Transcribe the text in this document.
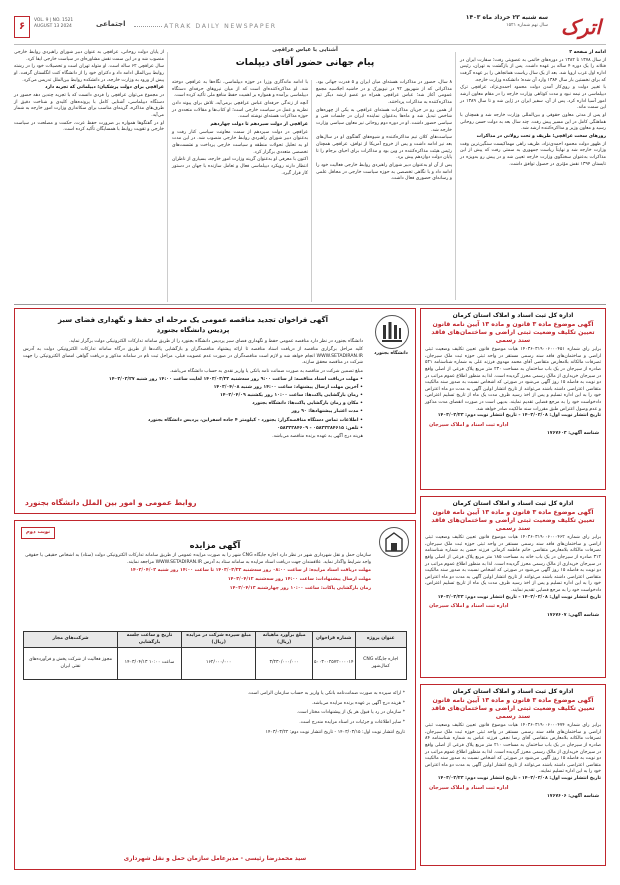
اترک
سه شنبه ۲۳ خرداد ماه ۱۴۰۳
سال نهم شماره ۱۵۲۱
ATRAK DAILY NEWSPAPER
۶
VOL. 9 | NO. 1521
AUGUST 13 2024	اجتماعی
آشنایی با عباس عراقچی
پیام جهانی حضور آقای دیپلمات

ادامه از صفحه ۲

از سال ۱۳۷۸ تا ۱۳۸۲ در دوره‌های خاتمی به عضویتی رفت؛ سفارت ایران در فنلاند را یک دوره ۴ ساله بر عهده داشت. پس از بازگشت به تهران، رئیس اداره اول غرب اروپا شد. بعد از یک سال ریاست همانجاهی را بر عهده گرفت که برای نخستین بار سال ۱۳۸۴ وارد آن شده؛ دانشکده وزارت خارجه.

با تغییر دولت و روی‌کار آمدن دولت محمود احمدی‌نژاد، عراقچی ترک دیپلماسی در نیمه نبود و مدت کوتاهی وزارت خارجه را در مقام معاون ارشد امور آسیا اداره کرد. پس از آن، سفیر ایران در ژاپن شد و تا سال ۱۳۸۹ در این سمت ماند.

او پس از مدتی معاون حقوقی و بین‌المللی وزارت خارجه شد و همچنان با هماهنگی کامل در این مسیر پیش رفت. چند سال بعد به دولت حسن روحانی رسید و معاون وزیر و مذاکره‌کننده ارشد شد.

روزهای سخت عراقچی؛ ظریف و تحت رولانی در مذاکرات

از ظهور دولت محمود احمدی‌نژاد، ظریف راهی مهماکیست سنگین‌ترین وقت وزارت خارجه شد و نهایتاً ریاست جمهوری به سمتی رفت که پیش از این مذاکرات به‌عنوان سخنگوی وزارت خارجه تعیین شد و در پیش رو به‌ویژه در تابستان ۱۳۹۴ نقش مؤثری در حصول توافق داشت.

۸ سال، حضور در مذاکرات هسته‌ای میان ایران و ۵ قدرت جهانی بود. مذاکراتی که از شهریور ۹۲ در نیویورک و در حاشیه اجلاسیه مجمع عمومی آغاز شد؛ عباس عراقچی همراه دو عضو ارشد دیگر تیم مذاکره‌کننده به مذاکرات پرداختند.

از همین رو در جریان مذاکرات هسته‌ای عراقچی به یکی از چهره‌های شاخص تبدیل شد و ماه‌ها به‌عنوان نماینده ایران در جلسات فنی و سیاسی حضور داشت. او در دوره دوم روحانی نیز معاون سیاسی وزارت خارجه شد.

سیاست‌های کلان تیم مذاکره‌کننده و شیوه‌های گفتگوی او در سال‌های بعد نیز ادامه داشت و پس از خروج آمریکا از توافق، عراقچی همچنان رئیس هیئت مذاکره‌کننده در وین بود و مذاکرات برای احیای برجام را تا پایان دولت دوازدهم پیش برد.

پس از آن او به‌عنوان دبیر شورای راهبردی روابط خارجی فعالیت خود را ادامه داد و با نگاهی تخصصی به حوزه سیاست خارجی در محافل علمی و رسانه‌ای حضوری فعال داشت.

با ادامه ماندگاری وزرا در حوزه دیپلماسی، نگاه‌ها به عراقچی دوخته شد. او مذاکره‌کننده‌ای است که از میان نیروهای حرفه‌ای دستگاه دیپلماسی برآمده و همواره بر اهمیت حفظ منافع ملی تأکید کرده است.

آنچه از زندگی حرفه‌ای عباس عراقچی برمی‌آید، تلاش برای پیوند دادن نظریه و عمل در سیاست خارجی است؛ او کتاب‌ها و مقالات متعددی در حوزه مذاکرات هسته‌ای نوشته است.

عراقچی از دولت سیزدهم تا دولت چهاردهم

عراقچی در دولت سیزدهم از سمت معاونت سیاسی کنار رفت و به‌عنوان دبیر شورای راهبردی روابط خارجی منصوب شد. در این مدت او به تحلیل تحولات منطقه و سیاست خارجی پرداخت و نشست‌های تخصصی متعددی برگزار کرد.

اکنون با معرفی او به‌عنوان گزینه وزارت امور خارجه، بسیاری از ناظران انتظار دارند رویکرد دیپلماسی فعال و تعامل سازنده با جهان در دستور کار قرار گیرد.

از پایان دولت روحانی، عراقچی به عنوان دبیر شورای راهبردی روابط خارجی منصوب شد و در این سمت نقش مشاوره‌ای در سیاست خارجی ایفا کرد.

سال عراقچی ۶۲ ساله است. او متولد تهران است و تحصیلات خود را در رشته روابط بین‌الملل ادامه داد و دکترای خود را از دانشگاه کنت انگلستان گرفت. او پیش از ورود به وزارت خارجه، در دانشکده روابط بین‌الملل تدریس می‌کرد.

عراقچی برای دولت پزشکیان؛ دیپلماتی که تجربه دارد

در مجموع می‌توان عراقچی را فردی دانست که با تجربه چندین دهه حضور در دستگاه دیپلماسی، آشنایی کامل با پرونده‌های کلیدی و شناخت دقیق از طرف‌های مذاکره، گزینه‌ای مناسب برای سکانداری وزارت امور خارجه به شمار می‌آید.

او در گفتگوها همواره بر ضرورت حفظ عزت، حکمت و مصلحت در سیاست خارجی و تقویت روابط با همسایگان تأکید کرده است.

دانشگاه بجنورد
آگهی فراخوان تجدید مناقصه عمومی یک مرحله ای حفظ و نگهداری فضای سبز
پردیس دانشگاه بجنورد

دانشگاه بجنورد در نظر دارد مناقصه عمومی حفظ و نگهداری فضای سبز پردیس دانشگاه بجنورد را از طریق سامانه تدارکات الکترونیکی دولت برگزار نماید.

کلیه مراحل برگزاری مناقصه از دریافت اسناد مناقصه تا ارائه پیشنهاد مناقصه‌گران و بازگشایی پاکت‌ها از طریق درگاه سامانه تدارکات الکترونیکی دولت به آدرس WWW.SETADIRAN.IR انجام خواهد شد و لازم است مناقصه‌گران در صورت عدم عضویت قبلی، مراحل ثبت نام در سامانه مذکور و دریافت گواهی امضای الکترونیکی را جهت شرکت در مناقصه محقق سازند.

مبلغ تضمین شرکت در مناقصه به صورت ضمانت نامه بانکی یا واریز نقدی به حساب دانشگاه می‌باشد.

• مهلت دریافت اسناد مناقصه: از ساعت ۹:۰۰ روز سه‌شنبه ۱۴۰۳/۰۳/۲۲ لغایت ساعت ۱۴:۰۰ روز شنبه ۱۴۰۳/۰۳/۲۷

• آخرین مهلت ارسال پیشنهاد: ساعت ۱۴:۰۰ روز شنبه ۱۴۰۳/۰۴/۰۸

• زمان بازگشایی پاکت‌ها: ساعت ۱۰:۰۰ روز یکشنبه ۱۴۰۳/۰۴/۰۹

• مکان و زمان بازگشایی پاکت‌ها: دانشگاه بجنورد

• مدت اعتبار پیشنهادها: ۹۰ روز

• اطلاعات تماس دستگاه مناقصه‌گزار: بجنورد - کیلومتر ۴ جاده اسفراین، پردیس دانشگاه بجنورد

• تلفن: ۰۵۸۳۲۲۸۴۶۱۵ - ۰۵۸۳۲۲۸۴۶۰۹

هزینه درج آگهی به عهده برنده مناقصه می‌باشد.

روابط عمومی و امور بین الملل دانشگاه بجنورد
نوبت دوم
آگهی مزایده

سازمان حمل و نقل شهرداری شهر در نظر دارد اجاره جایگاه CNG شهر را به صورت مزایده عمومی از طریق سامانه تدارکات الکترونیکی دولت (ستاد) به اشخاص حقیقی یا حقوقی واجد شرایط واگذار نماید. علاقمندان جهت دریافت اسناد مزایده به سامانه ستاد به آدرس WWW.SETADIRAN.IR مراجعه نمایند.

مهلت دریافت اسناد مزایده: از ساعت ۰۸:۰۰ روز سه‌شنبه ۱۴۰۳/۰۳/۲۲ تا ساعت ۱۴:۰۰ روز شنبه ۱۴۰۳/۰۴/۰۲

مهلت ارسال پیشنهادات: ساعت ۱۴:۰۰ روز سه‌شنبه ۱۴۰۳/۰۴/۱۲

زمان بازگشایی پاکات: ساعت ۱۰:۰۰ روز چهارشنبه ۱۴۰۳/۰۴/۱۳

عنوان پروژه	شماره فراخوان	مبلغ برآورد ماهیانه (ریال)	مبلغ سپرده شرکت در مزایده (ریال)	تاریخ و ساعت جلسه بازگشایی	شرکت‌های مجاز
اجاره جایگاه CNG کمال‌شهر	۵۰۰۳۰۰۲۵۷۲۰۰۰۰۱۴	۳/۲۳۰/۰۰۰/۰۰۰	۱۶۲/۰۰۰/۰۰۰	ساعت ۱۰:۰۰ ۱۴۰۳/۰۴/۱۳	مجوز فعالیت از شرکت پخش و فرآورده‌های نفتی ایران

* ارائه سپرده به صورت ضمانت‌نامه بانکی یا واریز به حساب سازمان الزامی است.

* هزینه درج آگهی بر عهده برنده مزایده می‌باشد.

* سازمان در رد یا قبول هر یک از پیشنهادات مختار است.

* سایر اطلاعات و جزئیات در اسناد مزایده مندرج است.

تاریخ انتشار نوبت اول: ۱۴۰۳/۰۳/۱۵ - تاریخ انتشار نوبت دوم: ۱۴۰۳/۰۳/۲۲

سید محمدرضا رئیسی - مدیرعامل سازمان حمل و نقل شهرداری
اداره کل ثبت اسناد و املاک استان کرمان
آگهی موضوع ماده ۳ قانون و ماده ۱۳ آیین نامه قانون تعیین تکلیف وضعیت ثبتی اراضی و ساختمان‌های فاقد سند رسمی
برابر رای شماره ۱۴۰۳۶۰۳۱۹۰۰۶۰۰۰۴۵۱ هیات موضوع قانون تعیین تکلیف وضعیت ثبتی اراضی و ساختمان‌های فاقد سند رسمی مستقر در واحد ثبتی حوزه ثبت ملک سیرجان، تصرفات مالکانه بلامعارض متقاضی آقای محمد مهدوی فرزند علی به شماره شناسنامه ۵۲۱ صادره از سیرجان در یک باب ساختمان به مساحت ۲۳۰ متر مربع پلاک فرعی از اصلی واقع در سیرجان خریداری از مالک رسمی محرز گردیده است. لذا به منظور اطلاع عموم مراتب در دو نوبت به فاصله ۱۵ روز آگهی می‌شود در صورتی که اشخاص نسبت به صدور سند مالکیت متقاضی اعتراضی داشته باشند می‌توانند از تاریخ انتشار اولین آگهی به مدت دو ماه اعتراض خود را به این اداره تسلیم و پس از اخذ رسید ظرف مدت یک ماه از تاریخ تسلیم اعتراض، دادخواست خود را به مرجع قضایی تقدیم نمایند. بدیهی است در صورت انقضای مدت مذکور و عدم وصول اعتراض طبق مقررات سند مالکیت صادر خواهد شد.
تاریخ انتشار نوبت اول: ۱۴۰۳/۰۳/۰۸ - تاریخ انتشار نوبت دوم: ۱۴۰۳/۰۳/۲۳
اداره ثبت اسناد و املاک سیرجان
شناسه آگهی: ۱۷۶۷۶۰۳
اداره کل ثبت اسناد و املاک استان کرمان
آگهی موضوع ماده ۳ قانون و ماده ۱۳ آیین نامه قانون تعیین تکلیف وضعیت ثبتی اراضی و ساختمان‌های فاقد سند رسمی
برابر رای شماره ۱۴۰۳۶۰۳۱۹۰۰۶۰۰۰۴۶۲ هیات موضوع قانون تعیین تکلیف وضعیت ثبتی اراضی و ساختمان‌های فاقد سند رسمی مستقر در واحد ثبتی حوزه ثبت ملک سیرجان، تصرفات مالکانه بلامعارض متقاضی خانم فاطمه کرمانی فرزند حسن به شماره شناسنامه ۳۱۲ صادره از سیرجان در یک باب خانه به مساحت ۱۸۵ متر مربع پلاک فرعی از اصلی واقع در سیرجان خریداری از مالک رسمی محرز گردیده است. لذا به منظور اطلاع عموم مراتب در دو نوبت به فاصله ۱۵ روز آگهی می‌شود در صورتی که اشخاص نسبت به صدور سند مالکیت متقاضی اعتراضی داشته باشند می‌توانند از تاریخ انتشار اولین آگهی به مدت دو ماه اعتراض خود را به این اداره تسلیم و پس از اخذ رسید ظرف مدت یک ماه از تاریخ تسلیم اعتراض، دادخواست خود را به مرجع قضایی تقدیم نمایند.
تاریخ انتشار نوبت اول: ۱۴۰۳/۰۳/۰۸ - تاریخ انتشار نوبت دوم: ۱۴۰۳/۰۳/۲۳
اداره ثبت اسناد و املاک سیرجان
شناسه آگهی: ۱۷۶۷۶۰۷
اداره کل ثبت اسناد و املاک استان کرمان
آگهی موضوع ماده ۳ قانون و ماده ۱۳ آیین نامه قانون تعیین تکلیف وضعیت ثبتی اراضی و ساختمان‌های فاقد سند رسمی
برابر رای شماره ۱۴۰۳۶۰۳۱۹۰۰۶۰۰۰۴۷۴ هیات موضوع قانون تعیین تکلیف وضعیت ثبتی اراضی و ساختمان‌های فاقد سند رسمی مستقر در واحد ثبتی حوزه ثبت ملک سیرجان، تصرفات مالکانه بلامعارض متقاضی آقای رضا نجفی فرزند عباس به شماره شناسنامه ۸۴ صادره از سیرجان در یک باب ساختمان به مساحت ۲۱۰ متر مربع پلاک فرعی از اصلی واقع در سیرجان خریداری از مالک رسمی محرز گردیده است. لذا به منظور اطلاع عموم مراتب در دو نوبت به فاصله ۱۵ روز آگهی می‌شود در صورتی که اشخاص نسبت به صدور سند مالکیت متقاضی اعتراضی داشته باشند می‌توانند از تاریخ انتشار اولین آگهی به مدت دو ماه اعتراض خود را به این اداره تسلیم نمایند.
تاریخ انتشار نوبت اول: ۱۴۰۳/۰۳/۰۸ - تاریخ انتشار نوبت دوم: ۱۴۰۳/۰۳/۲۳
اداره ثبت اسناد و املاک سیرجان
شناسه آگهی: ۱۷۶۷۶۰۶
